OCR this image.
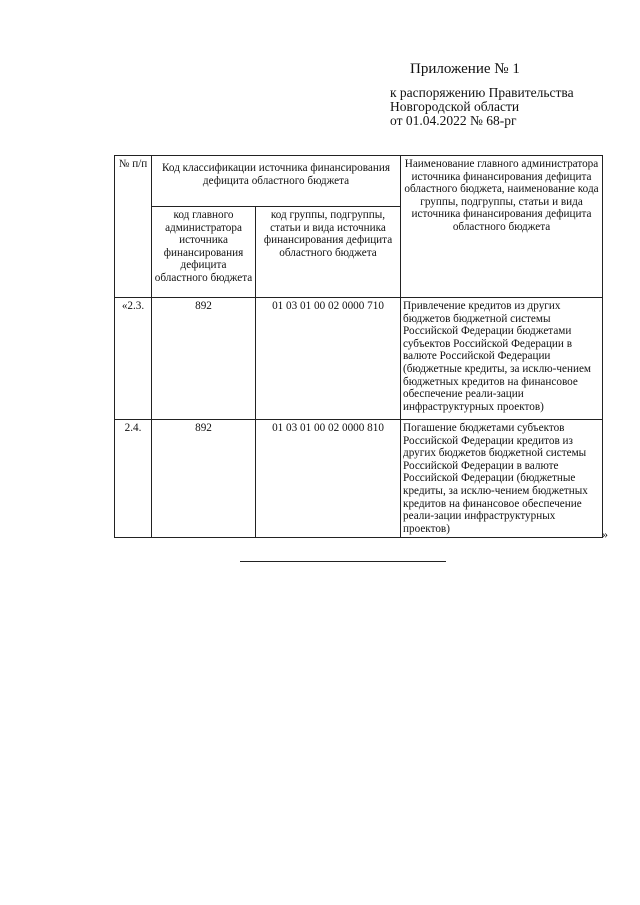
Приложение № 1
к распоряжению Правительства
Новгородской области
от 01.04.2022 № 68-рг
№ п/п	Код классификации источника финансирования дефицита областного бюджета		Наименование главного администратора источника финансирования дефицита областного бюджета, наименование кода группы, подгруппы, статьи и вида источника финансирования дефицита областного бюджета
	код главного администратора источника финансирования дефицита областного бюджета	код группы, подгруппы, статьи и вида источника финансирования дефицита областного бюджета	
«2.3.	892	01 03 01 00 02 0000 710	Привлечение кредитов из других бюджетов бюджетной системы Российской Федерации бюджетами субъектов Российской Федерации в валюте Российской Федерации (бюджетные кредиты, за исклю-чением бюджетных кредитов на финансовое обеспечение реали-зации инфраструктурных проектов)
2.4.	892	01 03 01 00 02 0000 810	Погашение бюджетами субъектов Российской Федерации кредитов из других бюджетов бюджетной системы Российской Федерации в валюте Российской Федерации (бюджетные кредиты, за исклю-чением бюджетных кредитов на финансовое обеспечение реали-зации инфраструктурных проектов)	»
